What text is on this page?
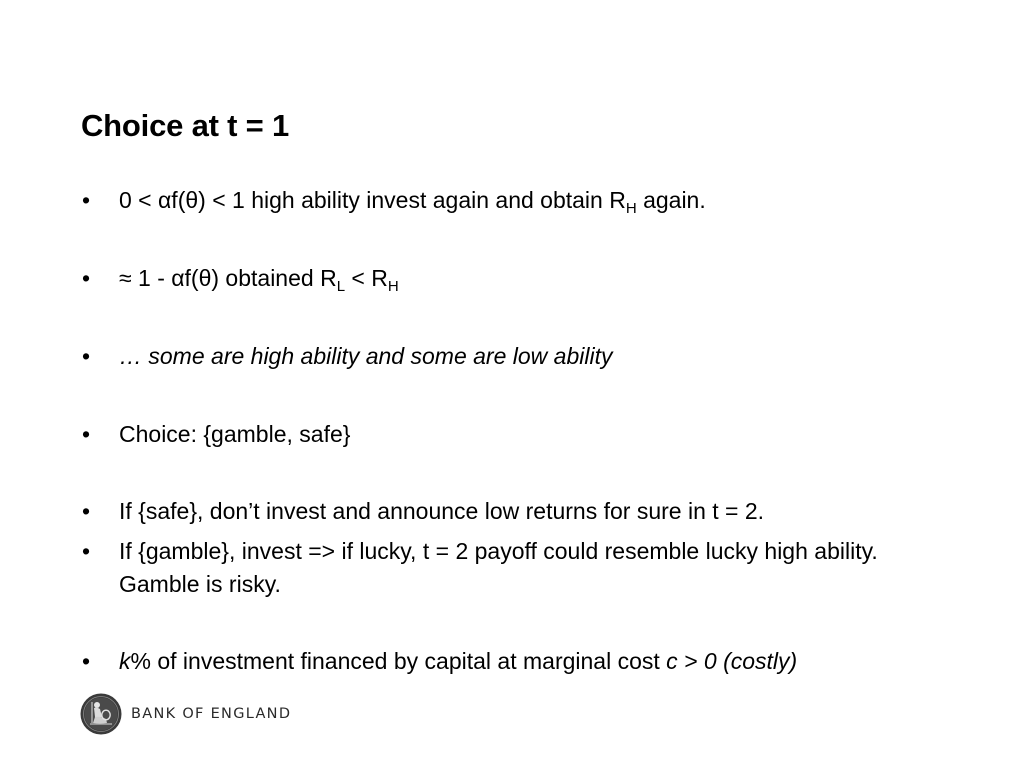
Choice at t = 1
•	0 < αf(θ) < 1 high ability invest again and obtain $R_H$ again.
•	≈ 1 - αf(θ) obtained $R_L < R_H$
•	… some are high ability and some are low ability
•	Choice: {gamble, safe}
•	If {safe}, don’t invest and announce low returns for sure in t = 2.
•	If {gamble}, invest => if lucky, t = 2 payoff could resemble lucky high ability. Gamble is risky.
•	k% of investment financed by capital at marginal cost c > 0 (costly)
BANK OF ENGLAND
